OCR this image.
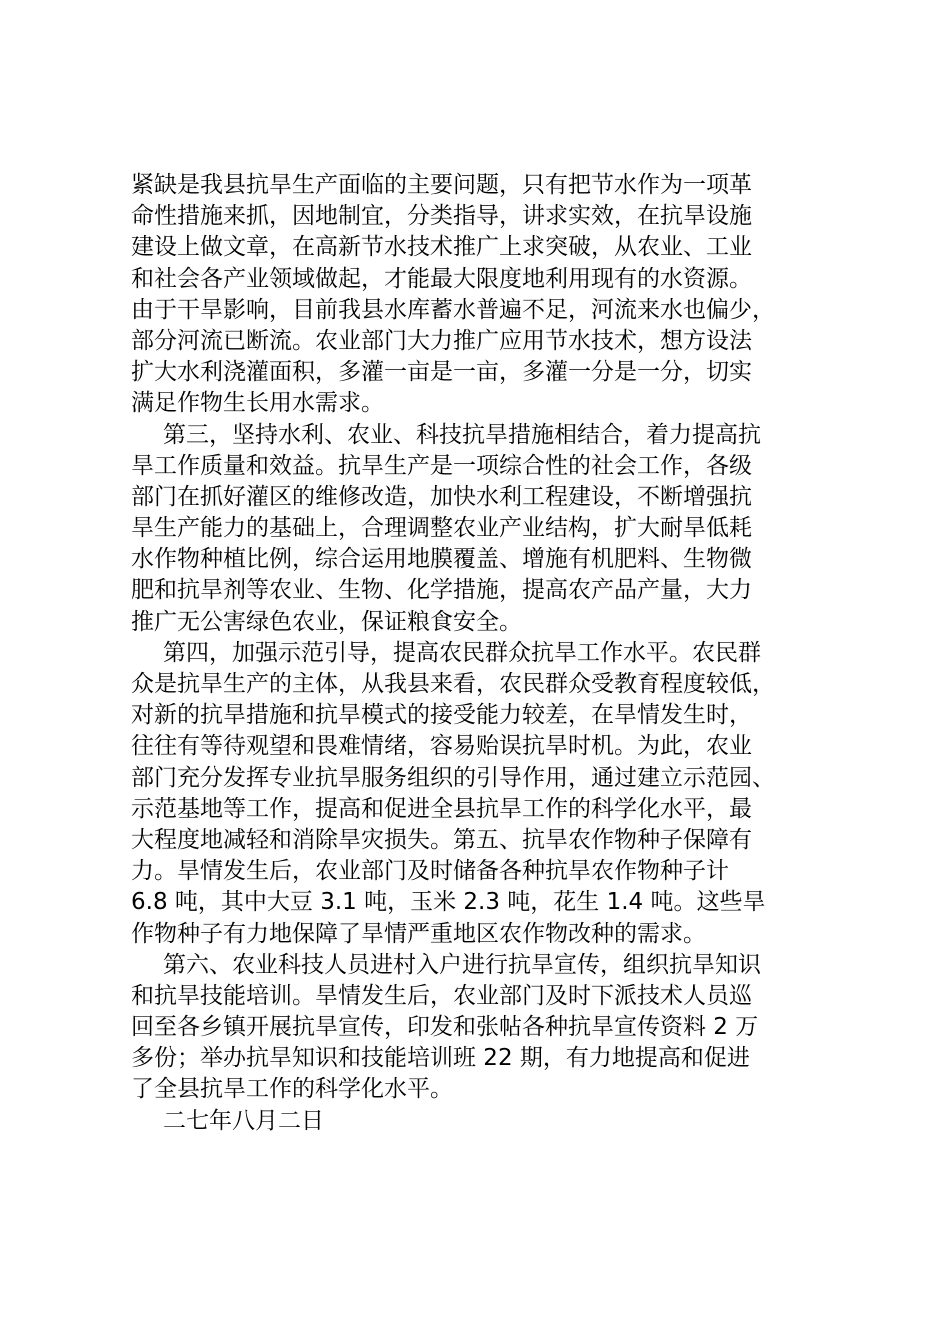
紧缺是我县抗旱生产面临的主要问题，只有把节水作为一项革
命性措施来抓，因地制宜，分类指导，讲求实效，在抗旱设施
建设上做文章，在高新节水技术推广上求突破，从农业、工业
和社会各产业领域做起，才能最大限度地利用现有的水资源。
由于干旱影响，目前我县水库蓄水普遍不足，河流来水也偏少，
部分河流已断流。农业部门大力推广应用节水技术，想方设法
扩大水利浇灌面积，多灌一亩是一亩，多灌一分是一分，切实
满足作物生长用水需求。
第三，坚持水利、农业、科技抗旱措施相结合，着力提高抗
旱工作质量和效益。抗旱生产是一项综合性的社会工作，各级
部门在抓好灌区的维修改造，加快水利工程建设，不断增强抗
旱生产能力的基础上，合理调整农业产业结构，扩大耐旱低耗
水作物种植比例，综合运用地膜覆盖、增施有机肥料、生物微
肥和抗旱剂等农业、生物、化学措施，提高农产品产量，大力
推广无公害绿色农业，保证粮食安全。
第四，加强示范引导，提高农民群众抗旱工作水平。农民群
众是抗旱生产的主体，从我县来看，农民群众受教育程度较低，
对新的抗旱措施和抗旱模式的接受能力较差，在旱情发生时，
往往有等待观望和畏难情绪，容易贻误抗旱时机。为此，农业
部门充分发挥专业抗旱服务组织的引导作用，通过建立示范园、
示范基地等工作，提高和促进全县抗旱工作的科学化水平，最
大程度地减轻和消除旱灾损失。第五、抗旱农作物种子保障有
力。旱情发生后，农业部门及时储备各种抗旱农作物种子计
6.8 吨，其中大豆 3.1 吨，玉米 2.3 吨，花生 1.4 吨。这些旱
作物种子有力地保障了旱情严重地区农作物改种的需求。
第六、农业科技人员进村入户进行抗旱宣传，组织抗旱知识
和抗旱技能培训。旱情发生后，农业部门及时下派技术人员巡
回至各乡镇开展抗旱宣传，印发和张帖各种抗旱宣传资料 2 万
多份；举办抗旱知识和技能培训班 22 期，有力地提高和促进
了全县抗旱工作的科学化水平。
二七年八月二日
